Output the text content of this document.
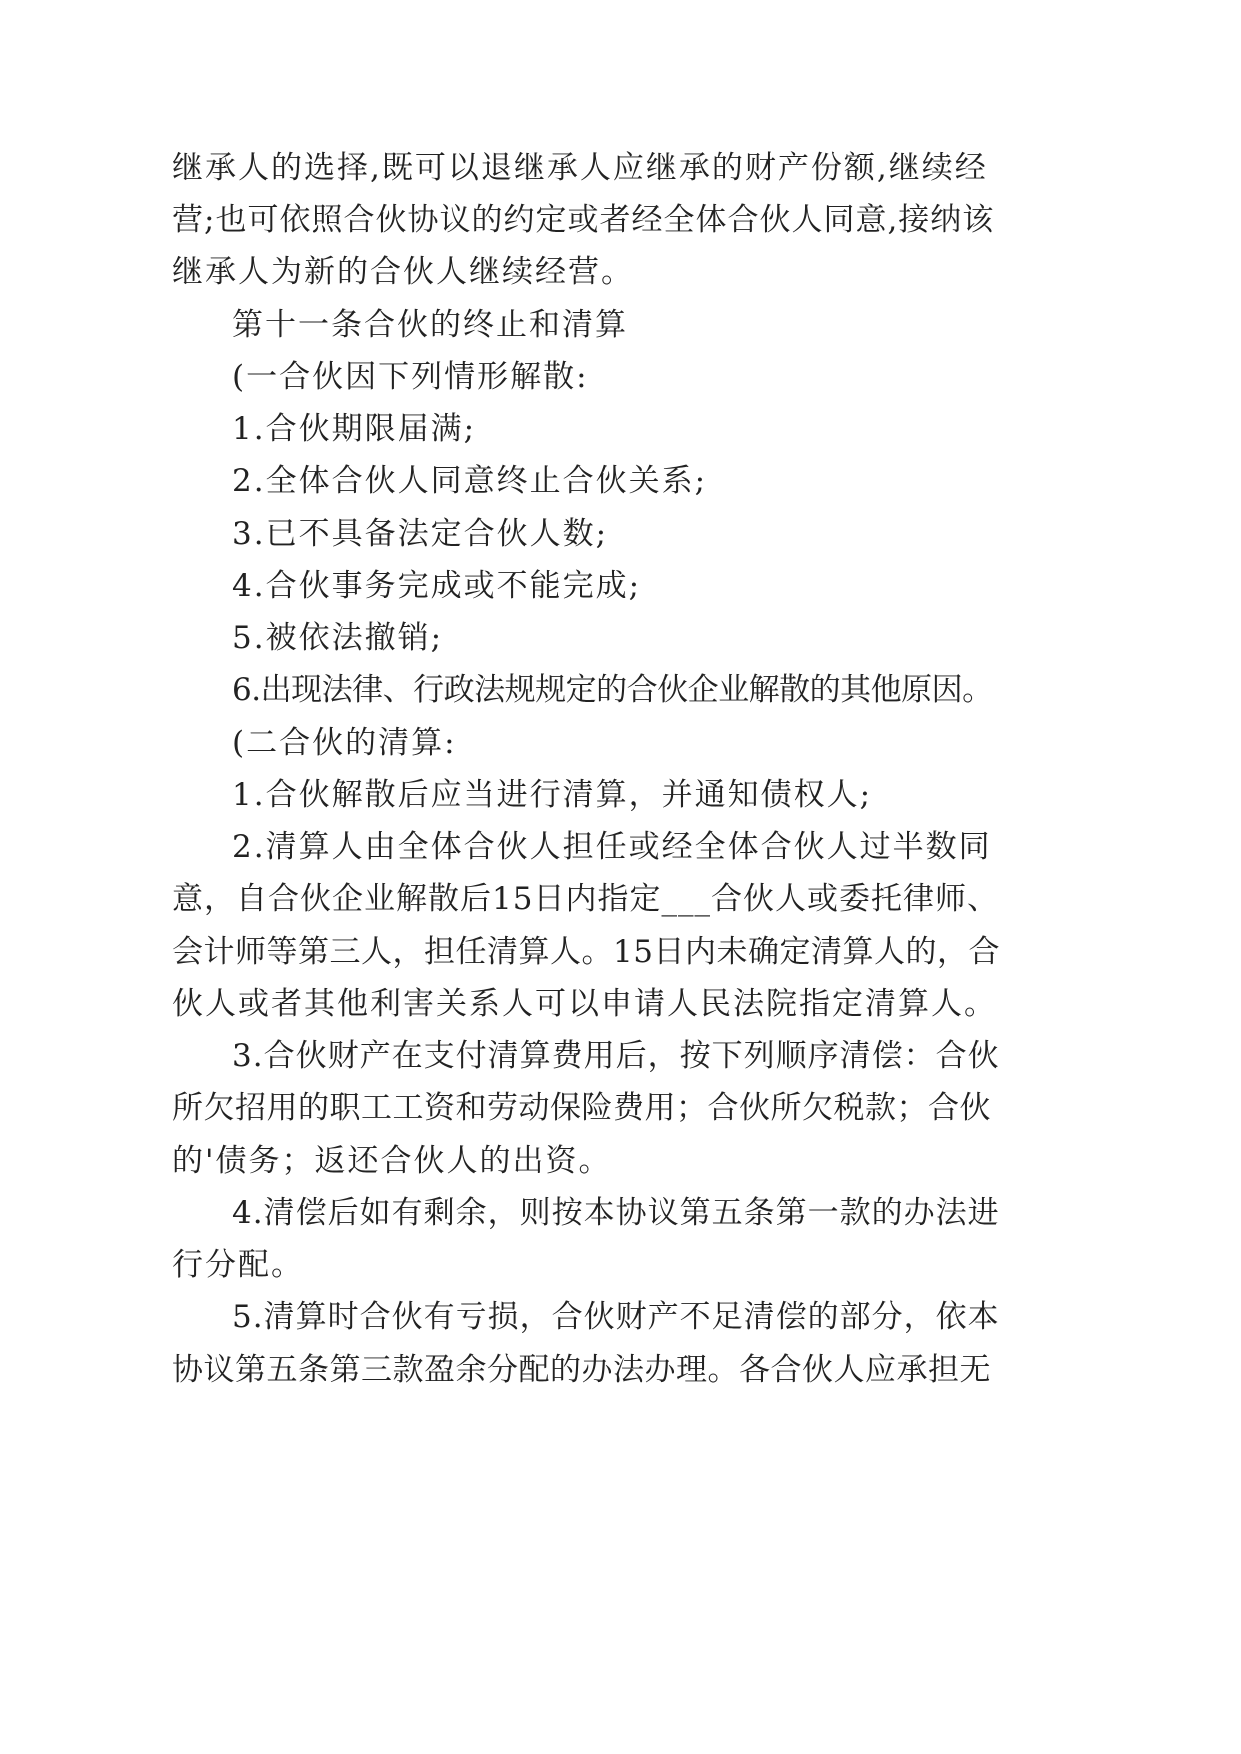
继承人的选择,既可以退继承人应继承的财产份额,继续经
营;也可依照合伙协议的约定或者经全体合伙人同意,接纳该
继承人为新的合伙人继续经营。
第十一条合伙的终止和清算
(一合伙因下列情形解散:
1.合伙期限届满;
2.全体合伙人同意终止合伙关系;
3.已不具备法定合伙人数;
4.合伙事务完成或不能完成;
5.被依法撤销;
6.出现法律、行政法规规定的合伙企业解散的其他原因。
(二合伙的清算:
1.合伙解散后应当进行清算，并通知债权人;
2.清算人由全体合伙人担任或经全体合伙人过半数同
意，自合伙企业解散后15日内指定___合伙人或委托律师、
会计师等第三人，担任清算人。15日内未确定清算人的，合
伙人或者其他利害关系人可以申请人民法院指定清算人。
3.合伙财产在支付清算费用后，按下列顺序清偿：合伙
所欠招用的职工工资和劳动保险费用；合伙所欠税款；合伙
的'债务；返还合伙人的出资。
4.清偿后如有剩余，则按本协议第五条第一款的办法进
行分配。
5.清算时合伙有亏损，合伙财产不足清偿的部分，依本
协议第五条第三款盈余分配的办法办理。各合伙人应承担无
